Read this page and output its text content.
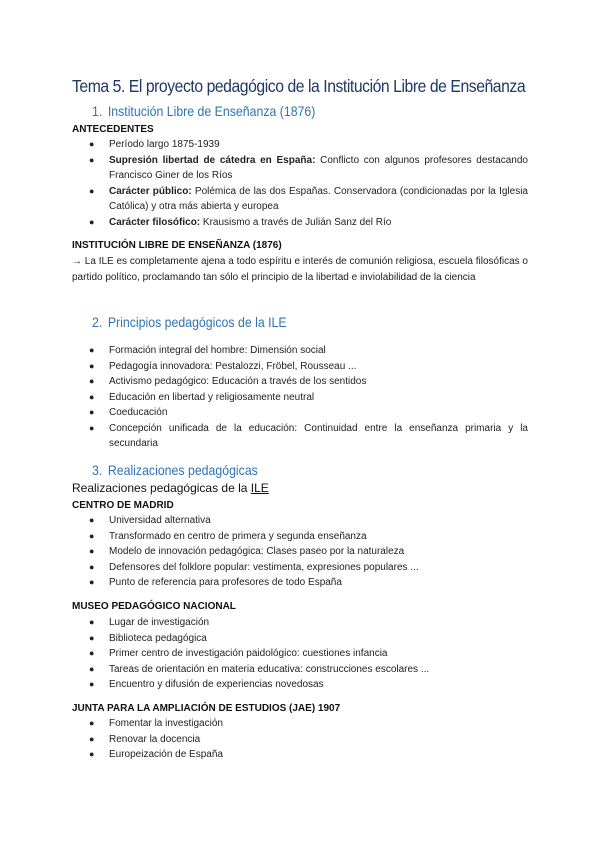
Tema 5. El proyecto pedagógico de la Institución Libre de Enseñanza
1. Institución Libre de Enseñanza (1876)
ANTECEDENTES
● Período largo 1875-1939
● Supresión libertad de cátedra en España: Conflicto con algunos profesores destacando Francisco Giner de los Ríos
● Carácter público: Polémica de las dos Españas. Conservadora (condicionadas por la Iglesia Católica) y otra más abierta y europea
● Carácter filosófico: Krausismo a través de Julián Sanz del Río
INSTITUCIÓN LIBRE DE ENSEÑANZA (1876)
→ La ILE es completamente ajena a todo espíritu e interés de comunión religiosa, escuela filosóficas o partido político, proclamando tan sólo el principio de la libertad e inviolabilidad de la ciencia
2. Principios pedagógicos de la ILE
● Formación integral del hombre: Dimensión social
● Pedagogía innovadora: Pestalozzi, Fröbel, Rousseau ...
● Activismo pedagógico: Educación a través de los sentidos
● Educación en libertad y religiosamente neutral
● Coeducación
● Concepción unificada de la educación: Continuidad entre la enseñanza primaria y la secundaria
3. Realizaciones pedagógicas
Realizaciones pedagógicas de la ILE
CENTRO DE MADRID
● Universidad alternativa
● Transformado en centro de primera y segunda enseñanza
● Modelo de innovación pedagógica: Clases paseo por la naturaleza
● Defensores del folklore popular: vestimenta, expresiones populares ...
● Punto de referencia para profesores de todo España
MUSEO PEDAGÓGICO NACIONAL
● Lugar de investigación
● Biblioteca pedagógica
● Primer centro de investigación paidológico: cuestiones infancia
● Tareas de orientación en materia educativa: construcciones escolares ...
● Encuentro y difusión de experiencias novedosas
JUNTA PARA LA AMPLIACIÓN DE ESTUDIOS (JAE) 1907
● Fomentar la investigación
● Renovar la docencia
● Europeización de España
